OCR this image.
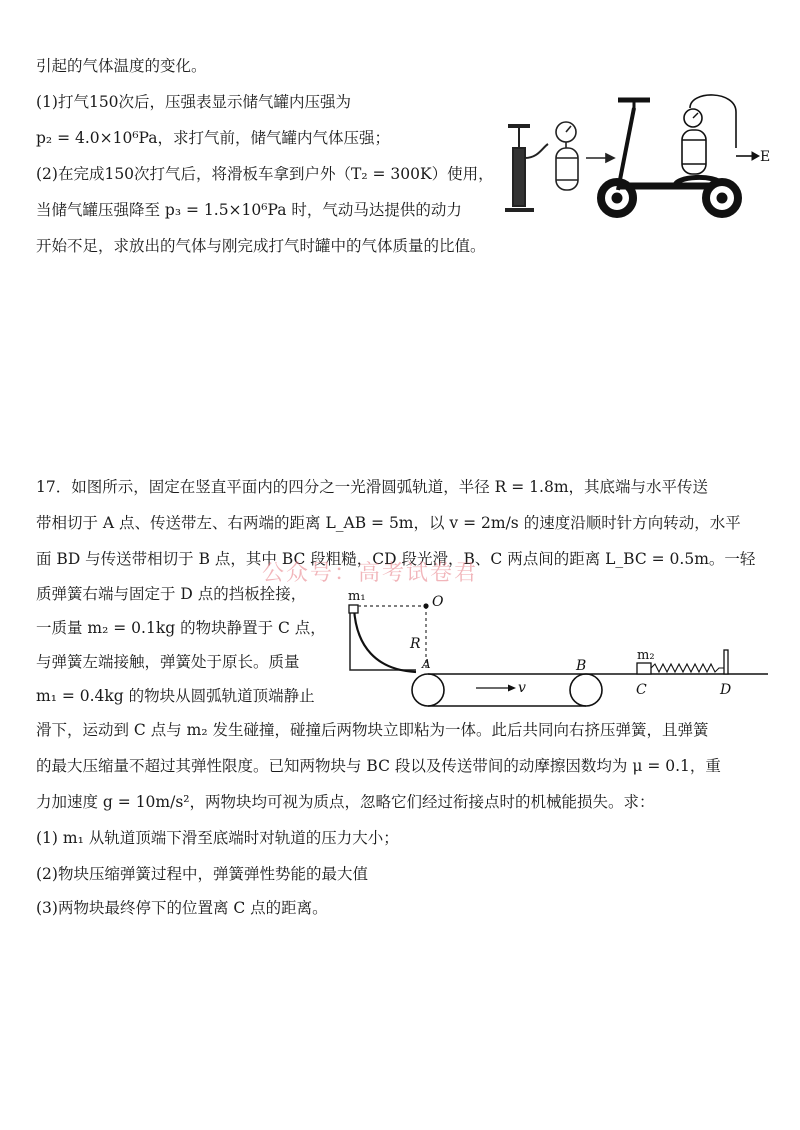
引起的气体温度的变化。
(1)打气150次后，压强表显示储气罐内压强为
p₂ = 4.0×10⁶Pa，求打气前，储气罐内气体压强；
(2)在完成150次打气后，将滑板车拿到户外（T₂ = 300K）使用，
当储气罐压强降至 p₃ = 1.5×10⁶Pa 时，气动马达提供的动力
开始不足，求放出的气体与刚完成打气时罐中的气体质量的比值。
E
17．如图所示，固定在竖直平面内的四分之一光滑圆弧轨道，半径 R = 1.8m，其底端与水平传送
带相切于 A 点、传送带左、右两端的距离 L_AB = 5m，以 v = 2m/s 的速度沿顺时针方向转动，水平
面 BD 与传送带相切于 B 点，其中 BC 段粗糙，CD 段光滑，B、C 两点间的距离 L_BC = 0.5m。一轻
质弹簧右端与固定于 D 点的挡板拴接，
一质量 m₂ = 0.1kg 的物块静置于 C 点，
与弹簧左端接触，弹簧处于原长。质量
m₁ = 0.4kg 的物块从圆弧轨道顶端静止
滑下，运动到 C 点与 m₂ 发生碰撞，碰撞后两物块立即粘为一体。此后共同向右挤压弹簧，且弹簧
的最大压缩量不超过其弹性限度。已知两物块与 BC 段以及传送带间的动摩擦因数均为 μ = 0.1，重
力加速度 g = 10m/s²，两物块均可视为质点，忽略它们经过衔接点时的机械能损失。求：
(1) m₁ 从轨道顶端下滑至底端时对轨道的压力大小；
(2)物块压缩弹簧过程中，弹簧弹性势能的最大值
(3)两物块最终停下的位置离 C 点的距离。
m₁	O
R
A
v
B
m₂
C	D
公众号：高考试卷君
